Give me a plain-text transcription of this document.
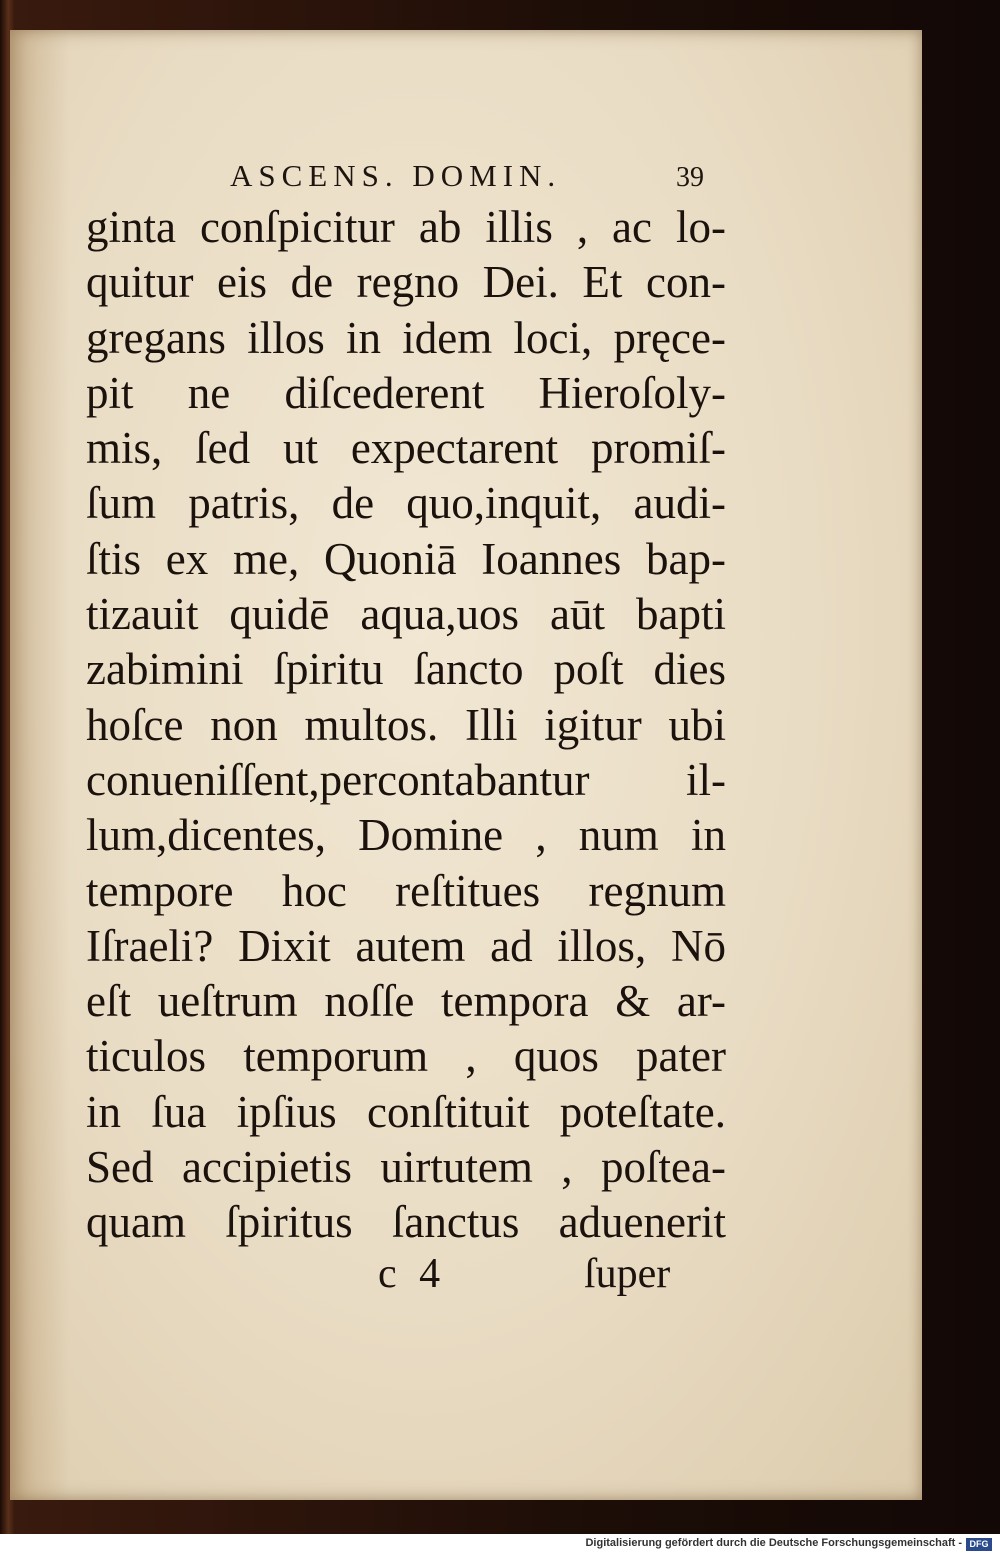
ASCENS. DOMIN.	39
ginta conſpicitur ab illis , ac lo-
quitur eis de regno Dei. Et con-
gregans illos in idem loci, pręce-
pit ne diſcederent Hieroſoly-
mis, ſed ut expectarent promiſ-
ſum patris, de quo,inquit, audi-
ſtis ex me, Quoniā Ioannes bap-
tizauit quidē aqua,uos aūt bapti
zabimini ſpiritu ſancto poſt dies
hoſce non multos. Illi igitur ubi
conueniſſent,percontabantur il-
lum,dicentes, Domine , num in
tempore hoc reſtitues regnum
Iſraeli? Dixit autem ad illos, Nō
eſt ueſtrum noſſe tempora & ar-
ticulos temporum , quos pater
in ſua ipſius conſtituit poteſtate.
Sed accipietis uirtutem , poſtea-
quam ſpiritus ſanctus aduenerit
c 4	ſuper
Digitalisierung gefördert durch die Deutsche Forschungsgemeinschaft - DFG
